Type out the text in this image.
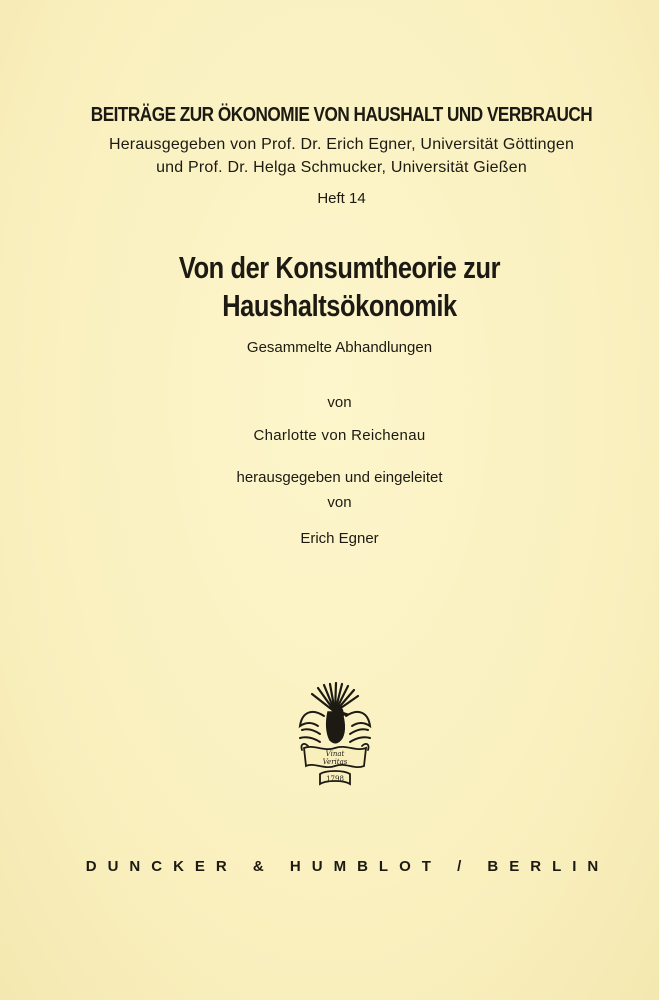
BEITRÄGE ZUR ÖKONOMIE VON HAUSHALT UND VERBRAUCH
Herausgegeben von Prof. Dr. Erich Egner, Universität Göttingen
und Prof. Dr. Helga Schmucker, Universität Gießen
Heft 14
Von der Konsumtheorie zur
Haushaltsökonomik
Gesammelte Abhandlungen
von
Charlotte von Reichenau
herausgegeben und eingeleitet
von
Erich Egner
Vinat
Veritas
1798
DUNCKER & HUMBLOT / BERLIN
